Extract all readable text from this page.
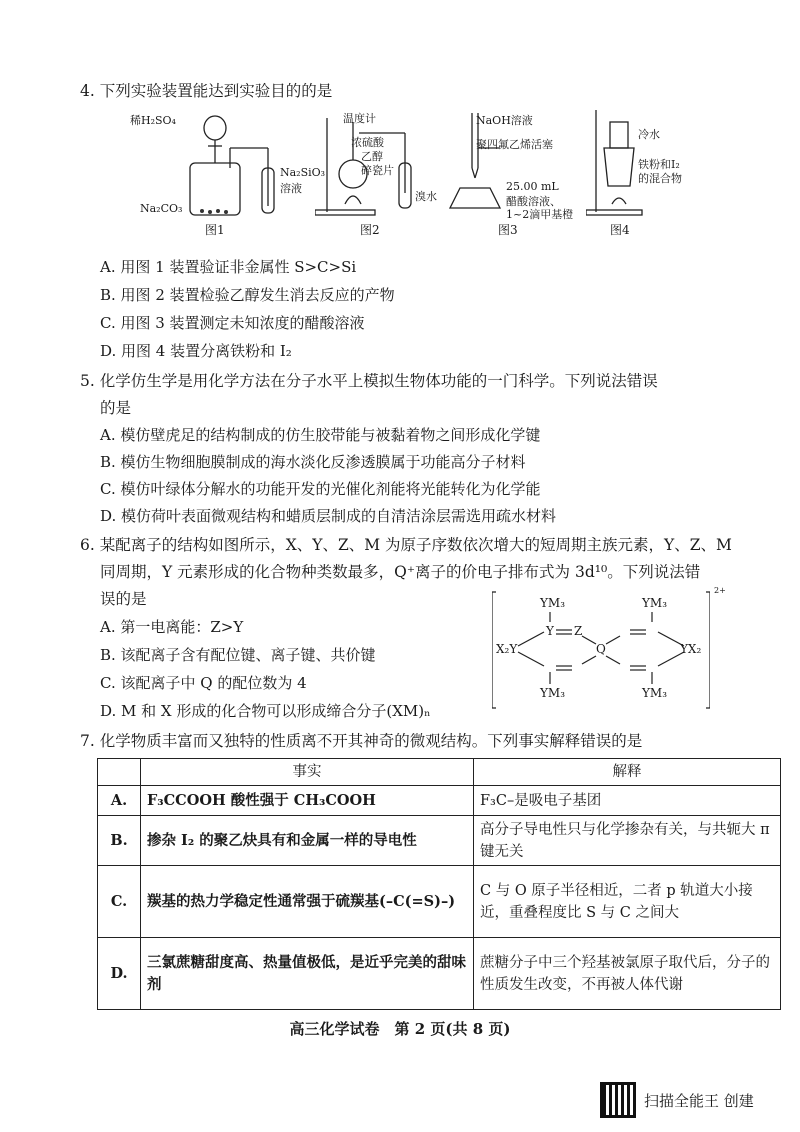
4. 下列实验装置能达到实验目的的是
稀H₂SO₄
Na₂CO₃
Na₂SiO₃
溶液
图1
温度计
浓硫酸
乙醇
碎瓷片
溴水
图2
NaOH溶液
聚四氟乙烯活塞
25.00 mL
醋酸溶液、
1~2滴甲基橙
图3
冷水
铁粉和I₂
的混合物
图4
A. 用图 1 装置验证非金属性 S>C>Si
B. 用图 2 装置检验乙醇发生消去反应的产物
C. 用图 3 装置测定未知浓度的醋酸溶液
D. 用图 4 装置分离铁粉和 I₂
5. 化学仿生学是用化学方法在分子水平上模拟生物体功能的一门科学。下列说法错误
的是
A. 模仿壁虎足的结构制成的仿生胶带能与被黏着物之间形成化学键
B. 模仿生物细胞膜制成的海水淡化反渗透膜属于功能高分子材料
C. 模仿叶绿体分解水的功能开发的光催化剂能将光能转化为化学能
D. 模仿荷叶表面微观结构和蜡质层制成的自清洁涂层需选用疏水材料
6. 某配离子的结构如图所示，X、Y、Z、M 为原子序数依次增大的短周期主族元素，Y、Z、M
同周期，Y 元素形成的化合物种类数最多，Q⁺离子的价电子排布式为 3d¹⁰。下列说法错
误的是
A. 第一电离能：Z>Y
B. 该配离子含有配位键、离子键、共价键
C. 该配离子中 Q 的配位数为 4
D. M 和 X 形成的化合物可以形成缔合分子(XM)ₙ
YM₃	YM₃
YM₃	YM₃
X₂Y	YX₂
Y Z
Q
2+
7. 化学物质丰富而又独特的性质离不开其神奇的微观结构。下列事实解释错误的是
	事实	解释
A.	F₃CCOOH 酸性强于 CH₃COOH	F₃C–是吸电子基团
B.	掺杂 I₂ 的聚乙炔具有和金属一样的导电性	高分子导电性只与化学掺杂有关，与共轭大 π 键无关
C.	羰基的热力学稳定性通常强于硫羰基(–C(=S)–)	C 与 O 原子半径相近，二者 p 轨道大小接近，重叠程度比 S 与 C 之间大
D.	三氯蔗糖甜度高、热量值极低，是近乎完美的甜味剂	蔗糖分子中三个羟基被氯原子取代后，分子的性质发生改变，不再被人体代谢
高三化学试卷　第 2 页(共 8 页)
扫描全能王 创建
